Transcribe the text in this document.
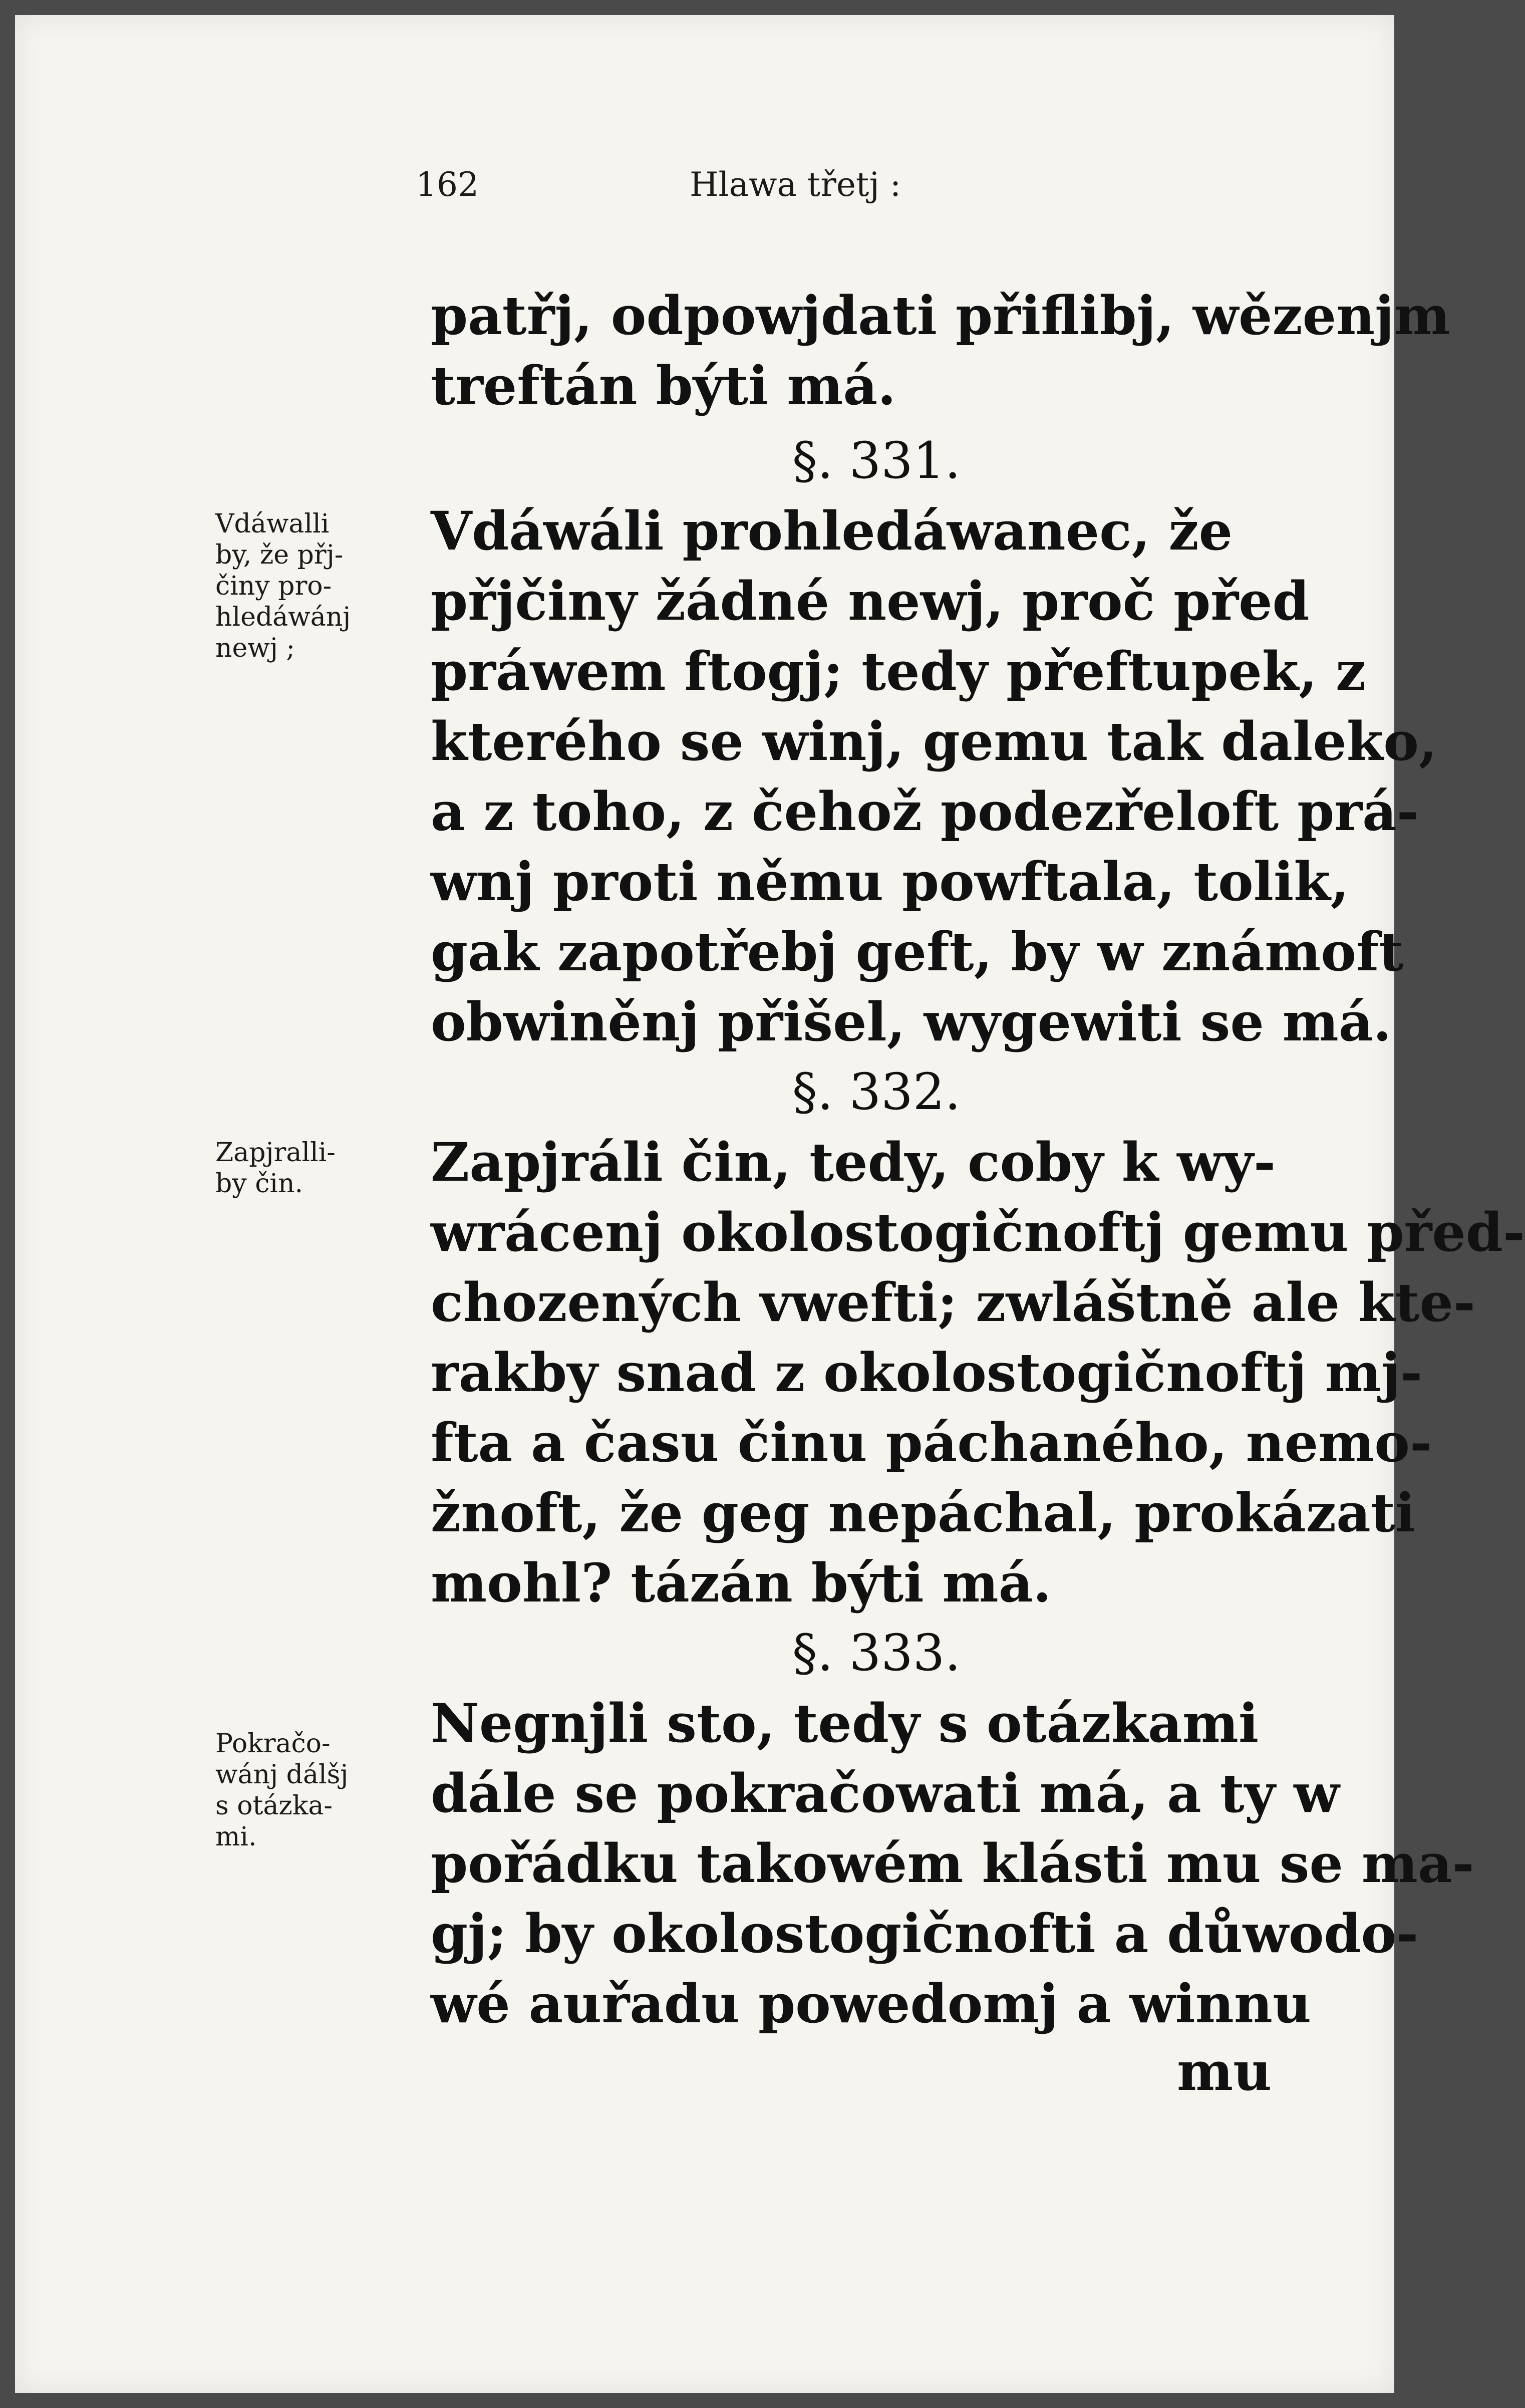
162	Hlawa třetj :
patřj, odpowjdati přiflibj, wězenjm
treftán býti má.
§. 331.
Vdáwáli prohledáwanec, že
přjčiny žádné newj, proč před
práwem ftogj; tedy přeftupek, z
kterého se winj, gemu tak daleko,
a z toho, z čehož podezřeloft prá-
wnj proti němu powftala, tolik,
gak zapotřebj geft, by w známoft
obwiněnj přišel, wygewiti se má.
Vdáwalli
by, že přj-
činy pro-
hledáwánj
newj ;
§. 332.
Zapjráli čin, tedy, coby k wy-
wrácenj okolostogičnoftj gemu před-
chozených vwefti; zwláštně ale kte-
rakby snad z okolostogičnoftj mj-
fta a času činu páchaného, nemo-
žnoft, že geg nepáchal, prokázati
mohl? tázán býti má.
Zapjralli-
by čin.
§. 333.
Negnjli sto, tedy s otázkami
dále se pokračowati má, a ty w
pořádku takowém klásti mu se ma-
gj; by okolostogičnofti a důwodo-
wé auřadu powedomj a winnu
Pokračo-
wánj dálšj
s otázka-
mi.
mu
